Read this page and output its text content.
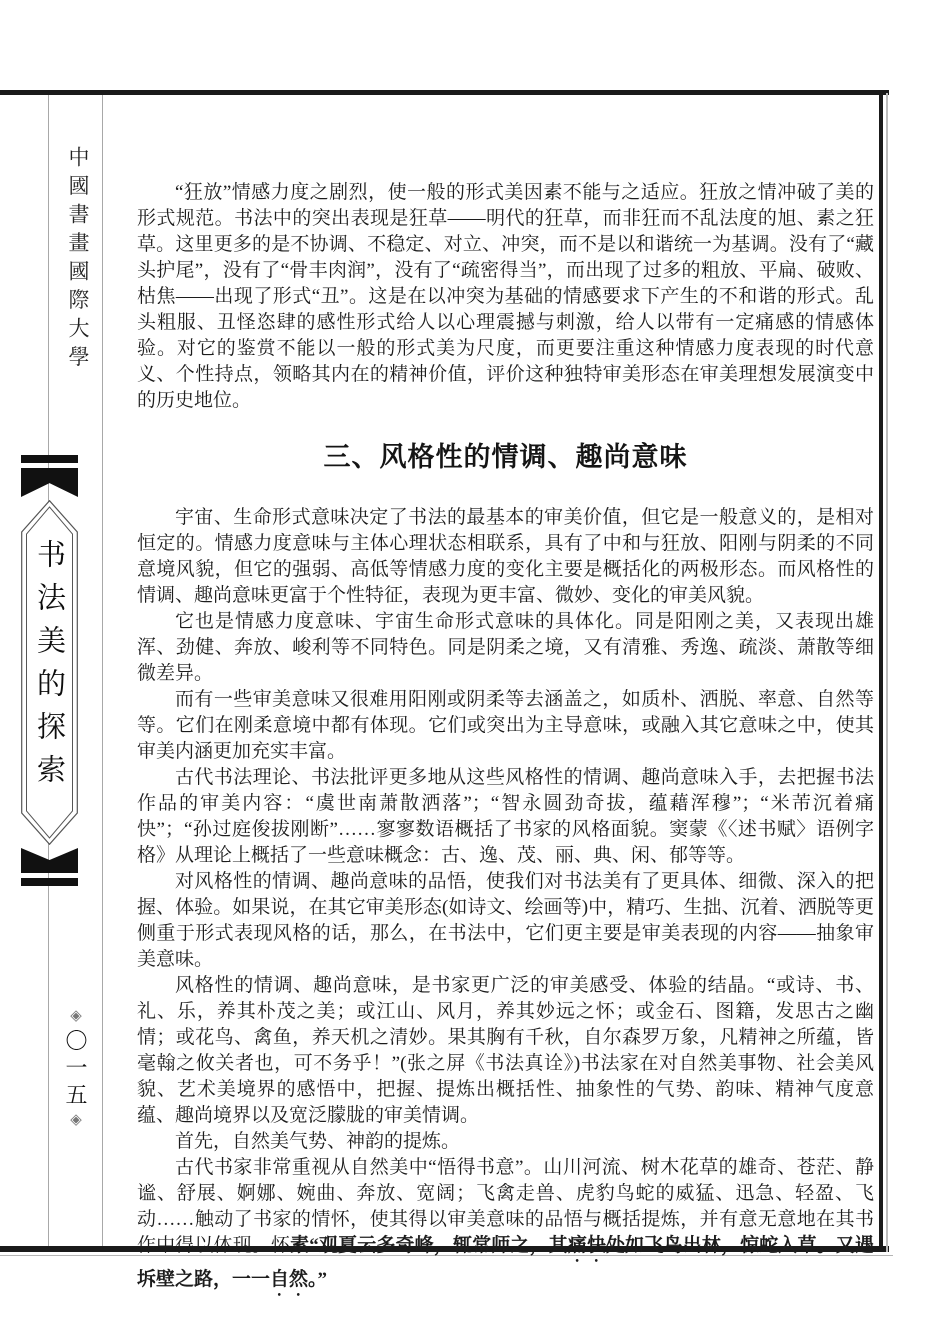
中國書畫國際大學
书法美的探索
◈〇一五◈

“狂放”情感力度之剧烈，使一般的形式美因素不能与之适应。狂放之情冲破了美的形式规范。书法中的突出表现是狂草——明代的狂草，而非狂而不乱法度的旭、素之狂草。这里更多的是不协调、不稳定、对立、冲突，而不是以和谐统一为基调。没有了“藏头护尾”，没有了“骨丰肉润”，没有了“疏密得当”，而出现了过多的粗放、平扁、破败、枯焦——出现了形式“丑”。这是在以冲突为基础的情感要求下产生的不和谐的形式。乱头粗服、丑怪恣肆的感性形式给人以心理震撼与刺激，给人以带有一定痛感的情感体验。对它的鉴赏不能以一般的形式美为尺度，而更要注重这种情感力度表现的时代意义、个性持点，领略其内在的精神价值，评价这种独特审美形态在审美理想发展演变中的历史地位。

三、风格性的情调、趣尚意味

宇宙、生命形式意味决定了书法的最基本的审美价值，但它是一般意义的，是相对恒定的。情感力度意味与主体心理状态相联系，具有了中和与狂放、阳刚与阴柔的不同意境风貌，但它的强弱、高低等情感力度的变化主要是概括化的两极形态。而风格性的情调、趣尚意味更富于个性特征，表现为更丰富、微妙、变化的审美风貌。

它也是情感力度意味、宇宙生命形式意味的具体化。同是阳刚之美，又表现出雄浑、劲健、奔放、峻利等不同特色。同是阴柔之境，又有清雅、秀逸、疏淡、萧散等细微差异。

而有一些审美意味又很难用阳刚或阴柔等去涵盖之，如质朴、洒脱、率意、自然等等。它们在刚柔意境中都有体现。它们或突出为主导意味，或融入其它意味之中，使其审美内涵更加充实丰富。

古代书法理论、书法批评更多地从这些风格性的情调、趣尚意味入手，去把握书法作品的审美内容：“虞世南萧散洒落”；“智永圆劲奇拔，蕴藉浑穆”；“米芾沉着痛快”；“孙过庭俊拔刚断”……寥寥数语概括了书家的风格面貌。窦蒙《〈述书赋〉语例字格》从理论上概括了一些意味概念：古、逸、茂、丽、典、闲、郁等等。

对风格性的情调、趣尚意味的品悟，使我们对书法美有了更具体、细微、深入的把握、体验。如果说，在其它审美形态(如诗文、绘画等)中，精巧、生拙、沉着、洒脱等更侧重于形式表现风格的话，那么，在书法中，它们更主要是审美表现的内容——抽象审美意味。

风格性的情调、趣尚意味，是书家更广泛的审美感受、体验的结晶。“或诗、书、礼、乐，养其朴茂之美；或江山、风月，养其妙远之怀；或金石、图籍，发思古之幽情；或花鸟、禽鱼，养天机之清妙。果其胸有千秋，自尔森罗万象，凡精神之所蕴，皆毫翰之攸关者也，可不务乎！”(张之屏《书法真诠》)书法家在对自然美事物、社会美风貌、艺术美境界的感悟中，把握、提炼出概括性、抽象性的气势、韵味、精神气度意蕴、趣尚境界以及宽泛朦胧的审美情调。

首先，自然美气势、神韵的提炼。

古代书家非常重视从自然美中“悟得书意”。山川河流、树木花草的雄奇、苍茫、静谧、舒展、婀娜、婉曲、奔放、宽阔；飞禽走兽、虎豹鸟蛇的威猛、迅急、轻盈、飞动……触动了书家的情怀，使其得以审美意味的品悟与概括提炼，并有意无意地在其书作中得以体现。怀素“观夏云多奇峰，辄常师之，其痛快处如飞鸟出林，惊蛇入草。又遇坼壁之路，一一自然。”
